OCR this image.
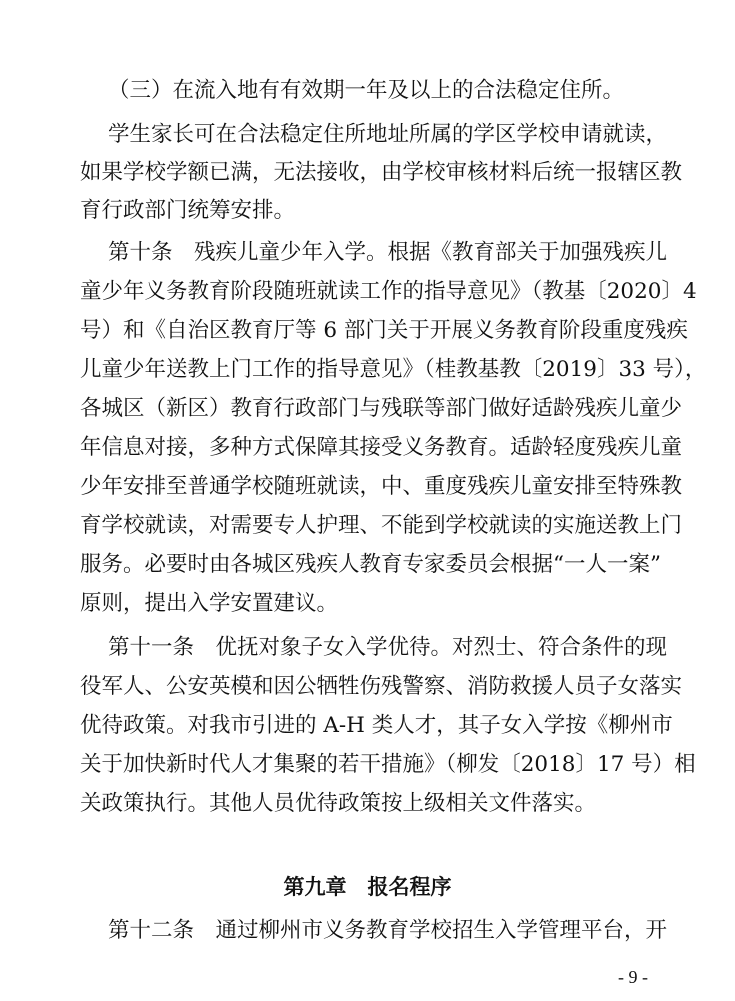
（三）在流入地有有效期一年及以上的合法稳定住所。
学生家长可在合法稳定住所地址所属的学区学校申请就读，
如果学校学额已满，无法接收，由学校审核材料后统一报辖区教
育行政部门统筹安排。
第十条　残疾儿童少年入学。根据《教育部关于加强残疾儿
童少年义务教育阶段随班就读工作的指导意见》（教基〔2020〕4
号）和《自治区教育厅等 6 部门关于开展义务教育阶段重度残疾
儿童少年送教上门工作的指导意见》（桂教基教〔2019〕33 号），
各城区（新区）教育行政部门与残联等部门做好适龄残疾儿童少
年信息对接，多种方式保障其接受义务教育。适龄轻度残疾儿童
少年安排至普通学校随班就读，中、重度残疾儿童安排至特殊教
育学校就读，对需要专人护理、不能到学校就读的实施送教上门
服务。必要时由各城区残疾人教育专家委员会根据“一人一案”
原则，提出入学安置建议。
第十一条　优抚对象子女入学优待。对烈士、符合条件的现
役军人、公安英模和因公牺牲伤残警察、消防救援人员子女落实
优待政策。对我市引进的 A-H 类人才，其子女入学按《柳州市
关于加快新时代人才集聚的若干措施》（柳发〔2018〕17 号）相
关政策执行。其他人员优待政策按上级相关文件落实。
第九章　报名程序
第十二条　通过柳州市义务教育学校招生入学管理平台，开
- 9 -
